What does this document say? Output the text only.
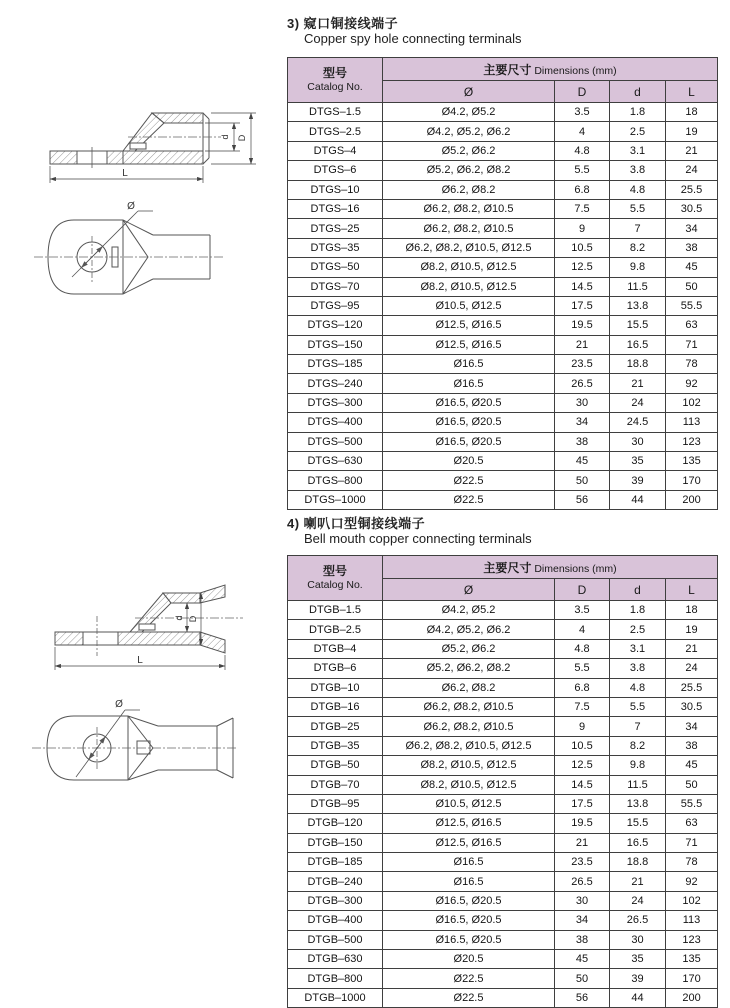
3) 窥口铜接线端子
Copper spy hole connecting terminals
d D
L
Ø
型号
Catalog No.	主要尺寸 Dimensions (mm)			
	Ø	D	d	L
DTGS–1.5	Ø4.2, Ø5.2	3.5	1.8	18
DTGS–2.5	Ø4.2, Ø5.2, Ø6.2	4	2.5	19
DTGS–4	Ø5.2, Ø6.2	4.8	3.1	21
DTGS–6	Ø5.2, Ø6.2, Ø8.2	5.5	3.8	24
DTGS–10	Ø6.2, Ø8.2	6.8	4.8	25.5
DTGS–16	Ø6.2, Ø8.2, Ø10.5	7.5	5.5	30.5
DTGS–25	Ø6.2, Ø8.2, Ø10.5	9	7	34
DTGS–35	Ø6.2, Ø8.2, Ø10.5, Ø12.5	10.5	8.2	38
DTGS–50	Ø8.2, Ø10.5, Ø12.5	12.5	9.8	45
DTGS–70	Ø8.2, Ø10.5, Ø12.5	14.5	11.5	50
DTGS–95	Ø10.5, Ø12.5	17.5	13.8	55.5
DTGS–120	Ø12.5, Ø16.5	19.5	15.5	63
DTGS–150	Ø12.5, Ø16.5	21	16.5	71
DTGS–185	Ø16.5	23.5	18.8	78
DTGS–240	Ø16.5	26.5	21	92
DTGS–300	Ø16.5, Ø20.5	30	24	102
DTGS–400	Ø16.5, Ø20.5	34	24.5	113
DTGS–500	Ø16.5, Ø20.5	38	30	123
DTGS–630	Ø20.5	45	35	135
DTGS–800	Ø22.5	50	39	170
DTGS–1000	Ø22.5	56	44	200
4) 喇叭口型铜接线端子
Bell mouth copper connecting terminals
d D
L
Ø
型号
Catalog No.	主要尺寸 Dimensions (mm)			
	Ø	D	d	L
DTGB–1.5	Ø4.2, Ø5.2	3.5	1.8	18
DTGB–2.5	Ø4.2, Ø5.2, Ø6.2	4	2.5	19
DTGB–4	Ø5.2, Ø6.2	4.8	3.1	21
DTGB–6	Ø5.2, Ø6.2, Ø8.2	5.5	3.8	24
DTGB–10	Ø6.2, Ø8.2	6.8	4.8	25.5
DTGB–16	Ø6.2, Ø8.2, Ø10.5	7.5	5.5	30.5
DTGB–25	Ø6.2, Ø8.2, Ø10.5	9	7	34
DTGB–35	Ø6.2, Ø8.2, Ø10.5, Ø12.5	10.5	8.2	38
DTGB–50	Ø8.2, Ø10.5, Ø12.5	12.5	9.8	45
DTGB–70	Ø8.2, Ø10.5, Ø12.5	14.5	11.5	50
DTGB–95	Ø10.5, Ø12.5	17.5	13.8	55.5
DTGB–120	Ø12.5, Ø16.5	19.5	15.5	63
DTGB–150	Ø12.5, Ø16.5	21	16.5	71
DTGB–185	Ø16.5	23.5	18.8	78
DTGB–240	Ø16.5	26.5	21	92
DTGB–300	Ø16.5, Ø20.5	30	24	102
DTGB–400	Ø16.5, Ø20.5	34	26.5	113
DTGB–500	Ø16.5, Ø20.5	38	30	123
DTGB–630	Ø20.5	45	35	135
DTGB–800	Ø22.5	50	39	170
DTGB–1000	Ø22.5	56	44	200
